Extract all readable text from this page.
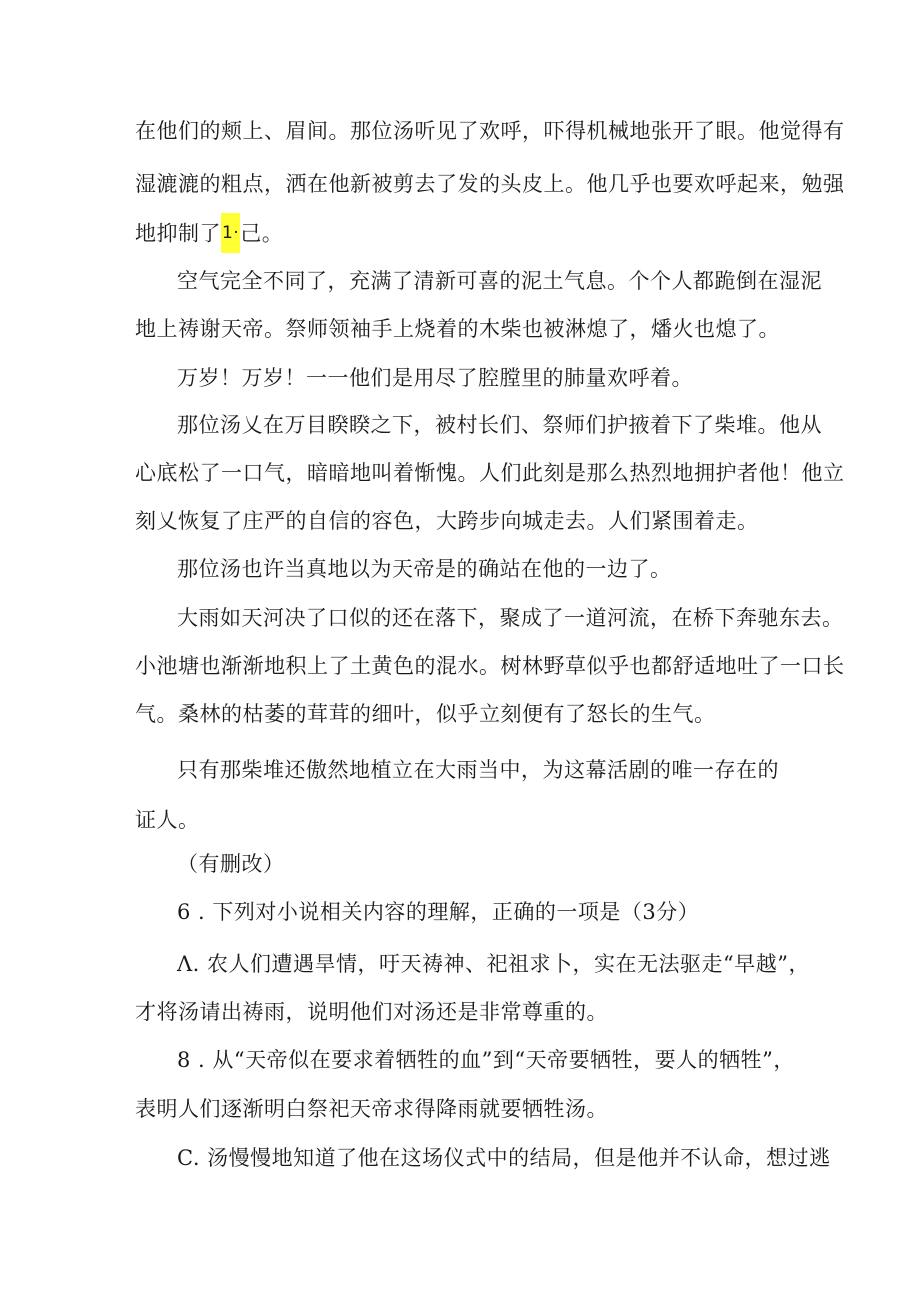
在他们的颊上、眉间。那位汤听见了欢呼，吓得机械地张开了眼。他觉得有
湿漉漉的粗点，洒在他新被剪去了发的头皮上。他几乎也要欢呼起来，勉强
地抑制了1·己。
空气完全不同了，充满了清新可喜的泥土气息。个个人都跪倒在湿泥
地上祷谢天帝。祭师领袖手上烧着的木柴也被淋熄了，燔火也熄了。
万岁！万岁！一一他们是用尽了腔膛里的肺量欢呼着。
那位汤乂在万目睽睽之下，被村长们、祭师们护掖着下了柴堆。他从
心底松了一口气，暗暗地叫着惭愧。人们此刻是那么热烈地拥护者他！他立
刻乂恢复了庄严的自信的容色，大跨步向城走去。人们紧围着走。
那位汤也许当真地以为天帝是的确站在他的一边了。
大雨如天河决了口似的还在落下，聚成了一道河流，在桥下奔驰东去。
小池塘也渐渐地积上了土黄色的混水。树林野草似乎也都舒适地吐了一口长
气。桑林的枯萎的茸茸的细叶，似乎立刻便有了怒长的生气。
只有那柴堆还傲然地植立在大雨当中，为这幕活剧的唯一存在的
证人。
（有删改）
6 . 下列对小说相关内容的理解，正确的一项是（3分）
Λ. 农人们遭遇旱情，吁天祷神、祀祖求卜，实在无法驱走“早越”，
才将汤请出祷雨，说明他们对汤还是非常尊重的。
8 . 从“天帝似在要求着牺牲的血”到“天帝要牺牲，要人的牺牲”，
表明人们逐渐明白祭祀天帝求得降雨就要牺牲汤。
C. 汤慢慢地知道了他在这场仪式中的结局，但是他并不认命，想过逃
